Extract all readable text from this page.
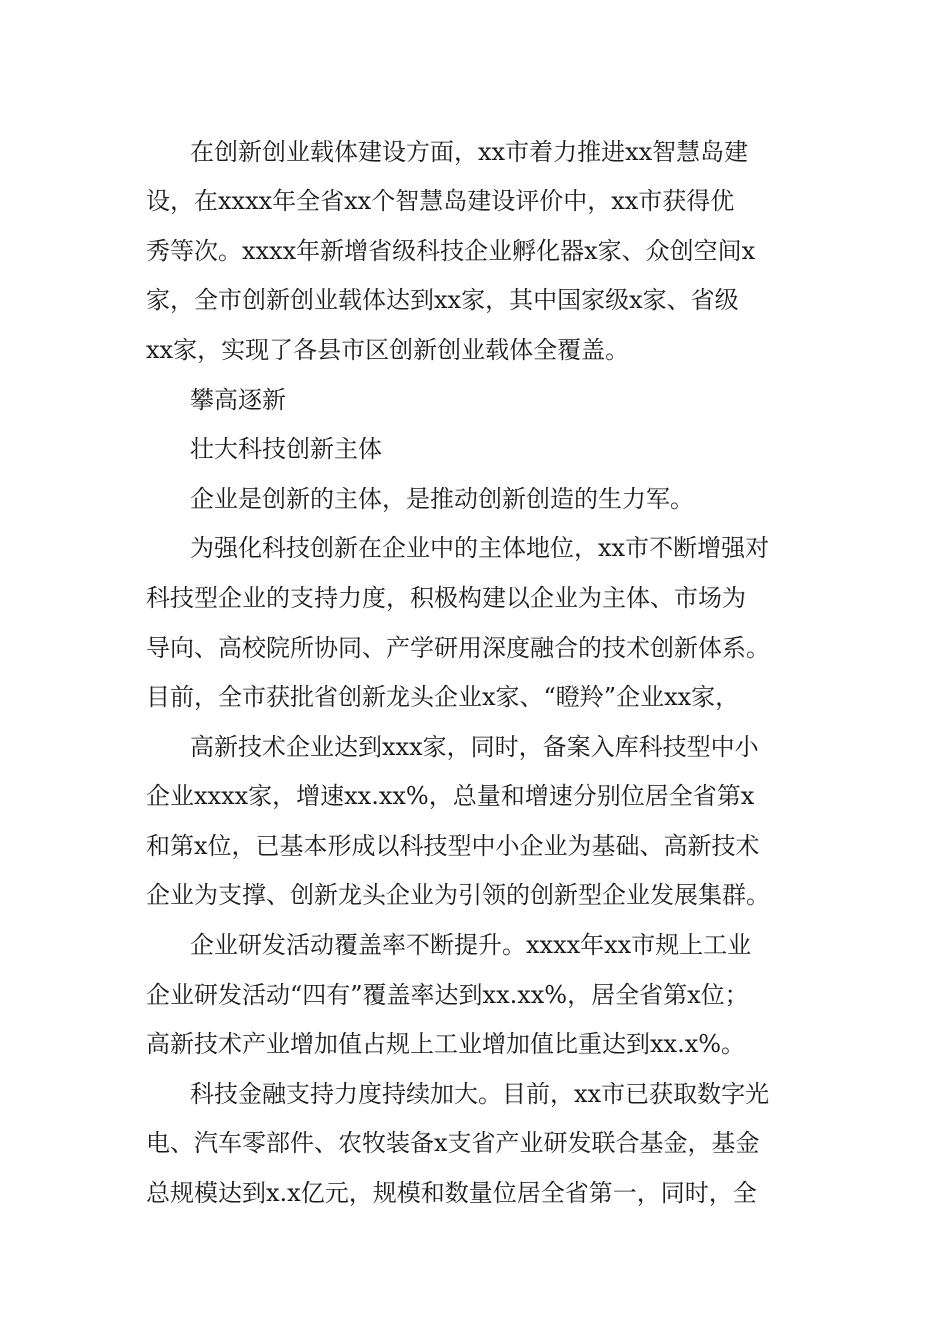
在创新创业载体建设方面，xx市着力推进xx智慧岛建
设，在xxxx年全省xx个智慧岛建设评价中，xx市获得优
秀等次。xxxx年新增省级科技企业孵化器x家、众创空间x
家，全市创新创业载体达到xx家，其中国家级x家、省级
xx家，实现了各县市区创新创业载体全覆盖。
攀高逐新
壮大科技创新主体
企业是创新的主体，是推动创新创造的生力军。
为强化科技创新在企业中的主体地位，xx市不断增强对
科技型企业的支持力度，积极构建以企业为主体、市场为
导向、高校院所协同、产学研用深度融合的技术创新体系。
目前，全市获批省创新龙头企业x家、“瞪羚”企业xx家，
高新技术企业达到xxx家，同时，备案入库科技型中小
企业xxxx家，增速xx.xx%，总量和增速分别位居全省第x
和第x位，已基本形成以科技型中小企业为基础、高新技术
企业为支撑、创新龙头企业为引领的创新型企业发展集群。
企业研发活动覆盖率不断提升。xxxx年xx市规上工业
企业研发活动“四有”覆盖率达到xx.xx%，居全省第x位；
高新技术产业增加值占规上工业增加值比重达到xx.x%。
科技金融支持力度持续加大。目前，xx市已获取数字光
电、汽车零部件、农牧装备x支省产业研发联合基金，基金
总规模达到x.x亿元，规模和数量位居全省第一，同时，全
